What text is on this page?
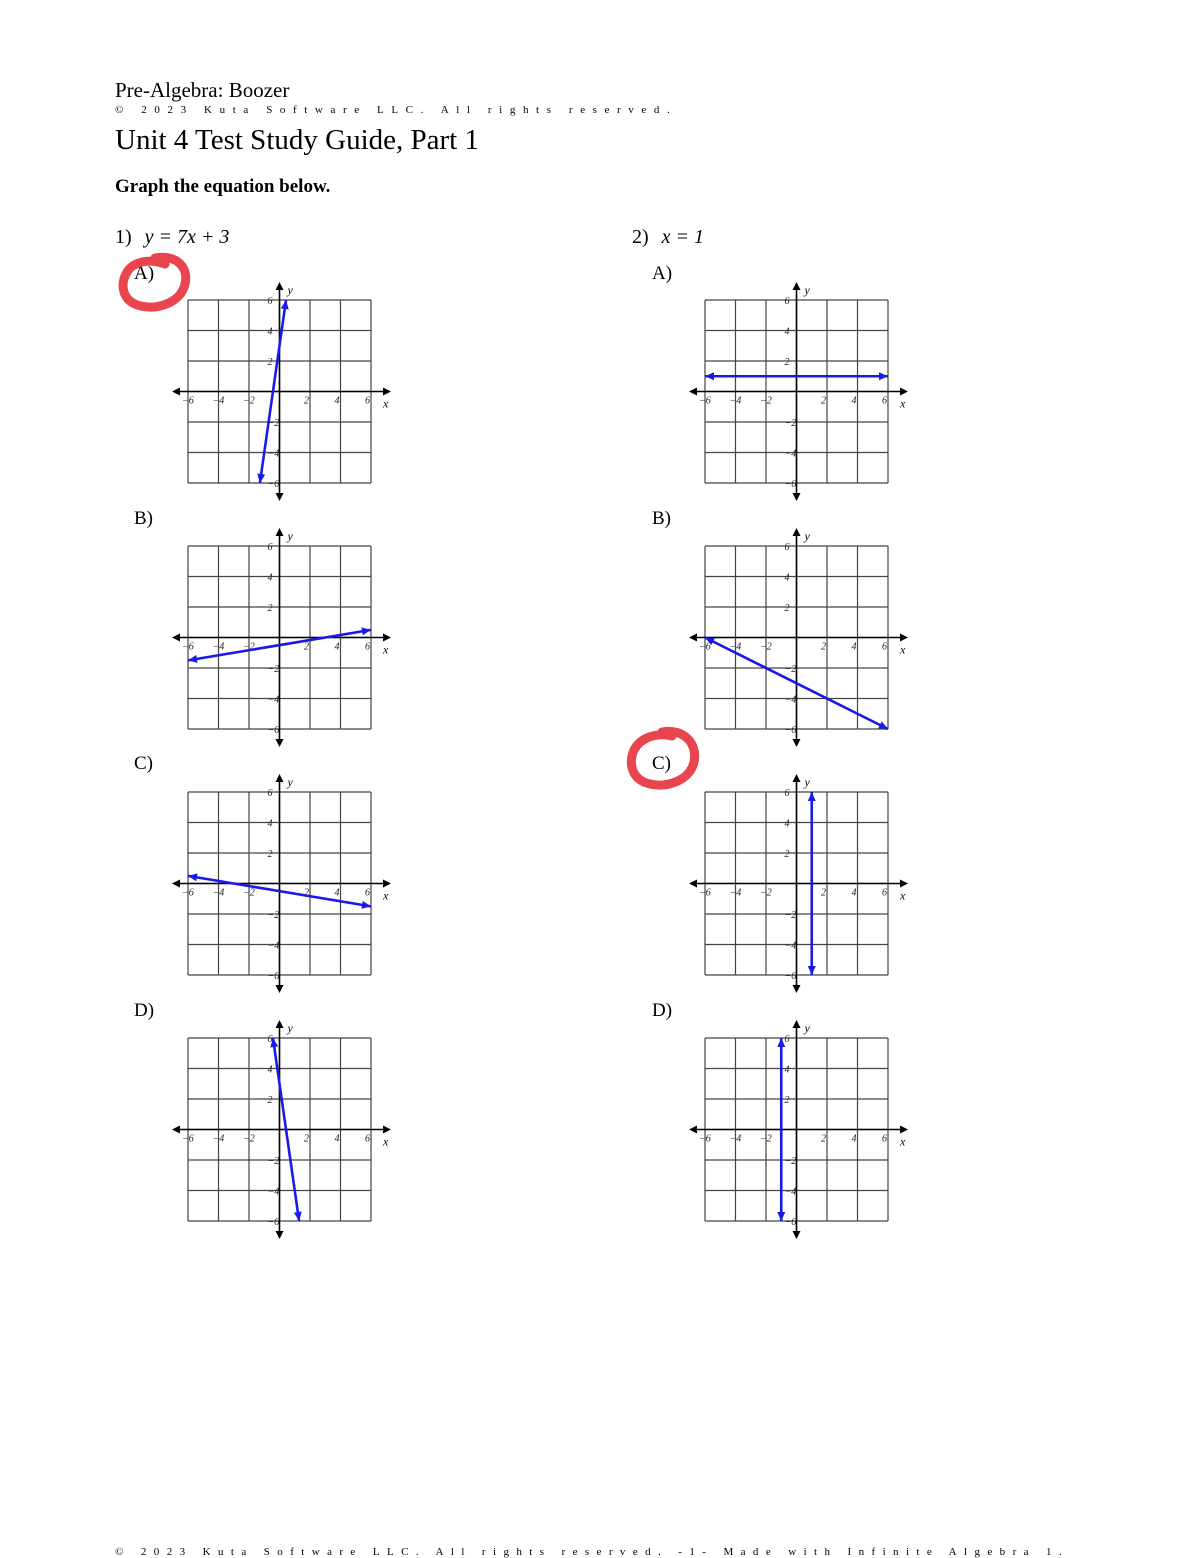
Pre-Algebra: Boozer
© 2023 Kuta Software LLC. All rights reserved.
Unit 4 Test Study Guide, Part 1
Graph the equation below.
1) y = 7x + 3	2) x = 1
A)
B)
C)
D)
A)
B)
C)
D)
−6
−6
−4
−4
−2
−2
2
2
4
4
6
6
x
y
−6
−6
−4
−4
−2
−2
2
2
4
4
6
6
x
y
−6
−6
−4
−4
−2
−2
2
2
4
4
6
6
x
y
−6
−6
−4
−4
−2
−2
2
2
4
4
6
6
x
y
−6
−6
−4
−4
−2
−2
2
2
4
4
6
6
x
y
−6
−6
−4
−4
−2
−2
2
2
4
4
6
6
x
y
−6
−6
−4
−4
−2
−2
2
2
4
4
6
6
x
y
−6
−6
−4
−4
−2
−2
2
2
4
4
6
6
x
y
© 2023 Kuta Software LLC. All rights reserved. -1- Made with Infinite Algebra 1.
